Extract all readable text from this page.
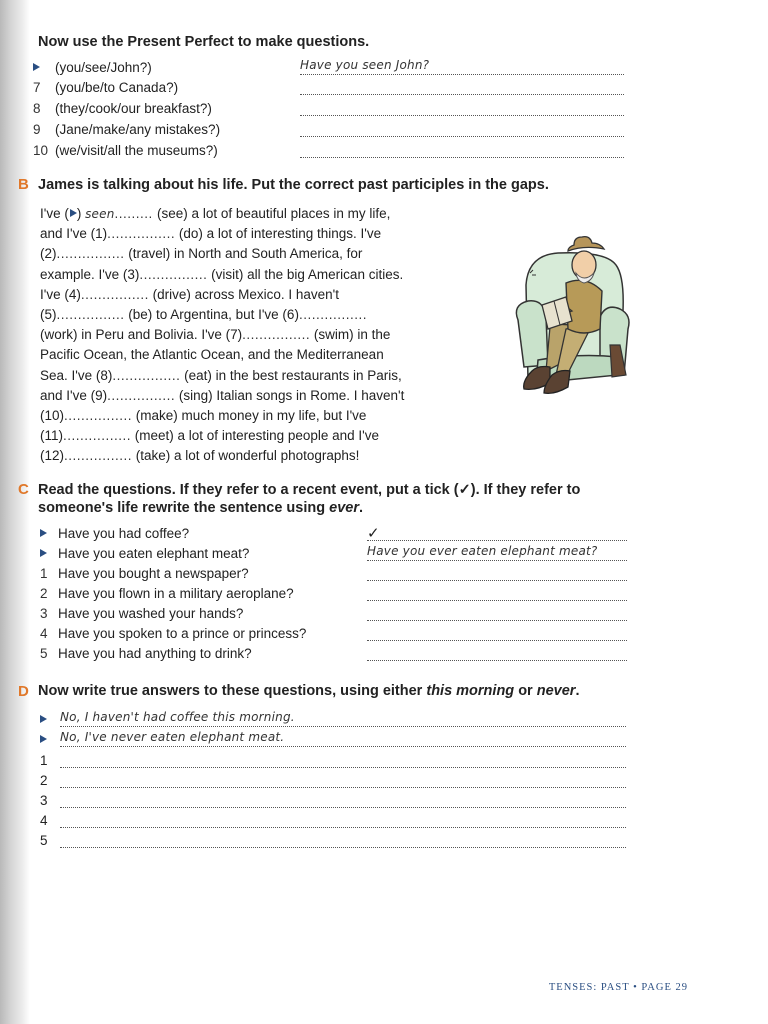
Now use the Present Perfect to make questions.
(you/see/John?)	Have you seen John?
7 (you/be/to Canada?)
8 (they/cook/our breakfast?)
9 (Jane/make/any mistakes?)
10 (we/visit/all the museums?)
B James is talking about his life. Put the correct past participles in the gaps.
I've ( ) seen......... (see) a lot of beautiful places in my life,
and I've (1)................ (do) a lot of interesting things. I've
(2)................ (travel) in North and South America, for
example. I've (3)................ (visit) all the big American cities.
I've (4)................ (drive) across Mexico. I haven't
(5)................ (be) to Argentina, but I've (6)................
(work) in Peru and Bolivia. I've (7)................ (swim) in the
Pacific Ocean, the Atlantic Ocean, and the Mediterranean
Sea. I've (8)................ (eat) in the best restaurants in Paris,
and I've (9)................ (sing) Italian songs in Rome. I haven't
(10)................ (make) much money in my life, but I've
(11)................ (meet) a lot of interesting people and I've
(12)................ (take) a lot of wonderful photographs!
C Read the questions. If they refer to a recent event, put a tick (✓). If they refer to
someone's life rewrite the sentence using ever.
Have you had coffee?	✓
Have you eaten elephant meat?	Have you ever eaten elephant meat?
1 Have you bought a newspaper?
2 Have you flown in a military aeroplane?
3 Have you washed your hands?
4 Have you spoken to a prince or princess?
5 Have you had anything to drink?
D Now write true answers to these questions, using either this morning or never.
No, I haven't had coffee this morning.
No, I've never eaten elephant meat.
1
2
3
4
5
TENSES: PAST • PAGE 29
